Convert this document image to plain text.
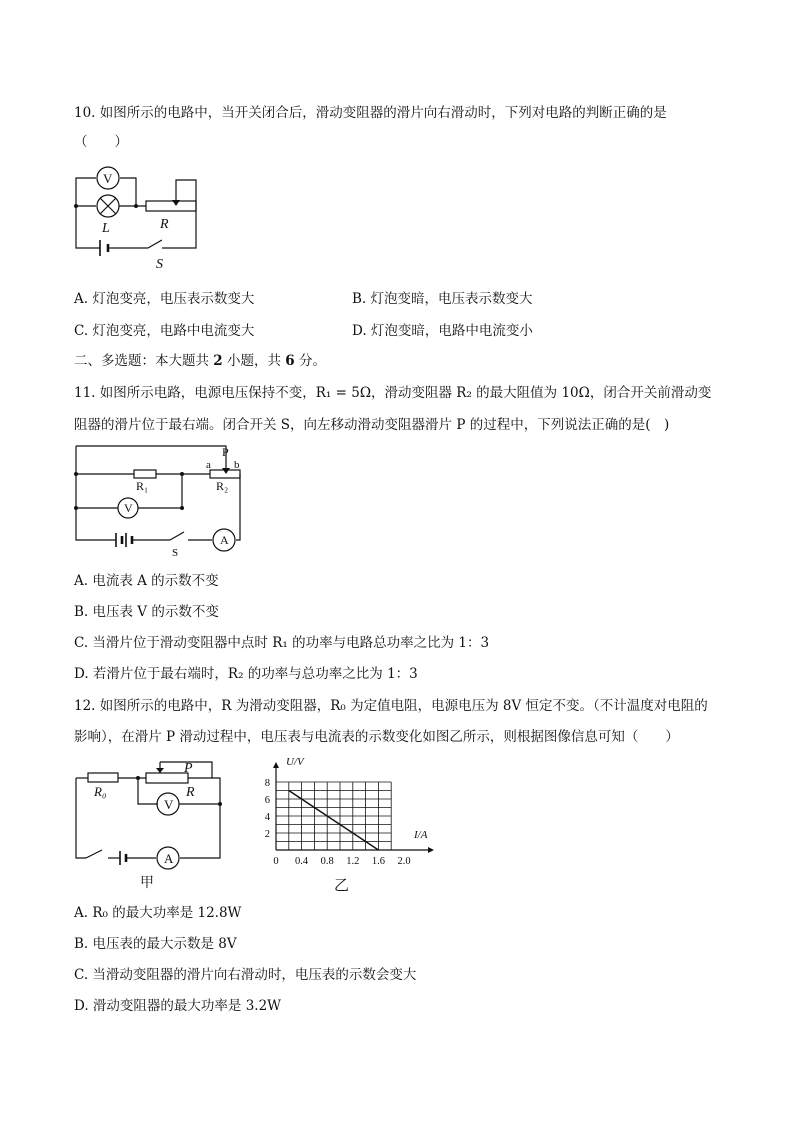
10. 如图所示的电路中，当开关闭合后，滑动变阻器的滑片向右滑动时，下列对电路的判断正确的是
（　　）
V
L	R
S
A. 灯泡变亮，电压表示数变大	B. 灯泡变暗，电压表示数变大
C. 灯泡变亮，电路中电流变大	D. 灯泡变暗，电路中电流变小
二、多选题：本大题共 2 小题，共 6 分。
11. 如图所示电路，电源电压保持不变，R₁ = 5Ω，滑动变阻器 R₂ 的最大阻值为 10Ω，闭合开关前滑动变
阻器的滑片位于最右端。闭合开关 S，向左移动滑动变阻器滑片 P 的过程中，下列说法正确的是(　)
P
a b
R₁	R₂
V
A
S
A. 电流表 A 的示数不变
B. 电压表 V 的示数不变
C. 当滑片位于滑动变阻器中点时 R₁ 的功率与电路总功率之比为 1：3
D. 若滑片位于最右端时，R₂ 的功率与总功率之比为 1：3
12. 如图所示的电路中，R 为滑动变阻器，R₀ 为定值电阻，电源电压为 8V 恒定不变。（不计温度对电阻的
影响），在滑片 P 滑动过程中，电压表与电流表的示数变化如图乙所示，则根据图像信息可知（　　）
R₀
P
R
V
A
甲
0 0.4 0.8 1.2 1.6 2.0
2
4
6
8
U/V
I/A
乙
A. R₀ 的最大功率是 12.8W
B. 电压表的最大示数是 8V
C. 当滑动变阻器的滑片向右滑动时，电压表的示数会变大
D. 滑动变阻器的最大功率是 3.2W
